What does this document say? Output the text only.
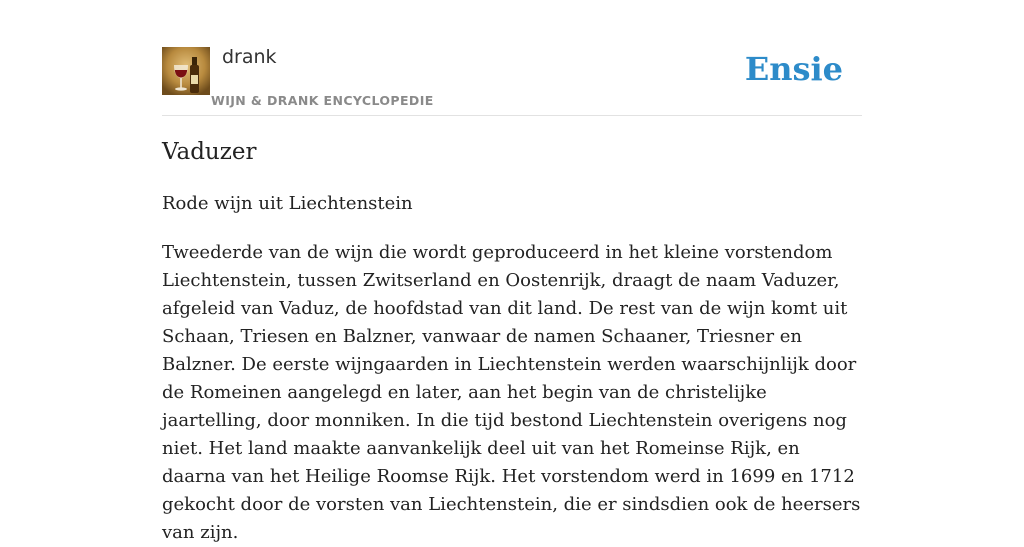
drank
WIJN & DRANK ENCYCLOPEDIE
Ensie
Vaduzer

Rode wijn uit Liechtenstein

Tweederde van de wijn die wordt geproduceerd in het kleine vorstendom Liechtenstein, tussen Zwitserland en Oostenrijk, draagt de naam Vaduzer, afgeleid van Vaduz, de hoofdstad van dit land. De rest van de wijn komt uit Schaan, Triesen en Balzner, vanwaar de namen Schaaner, Triesner en Balzner. De eerste wijngaarden in Liechtenstein werden waarschijnlijk door de Romeinen aangelegd en later, aan het begin van de christelijke jaartelling, door monniken. In die tijd bestond Liechtenstein overigens nog niet. Het land maakte aanvankelijk deel uit van het Romeinse Rijk, en daarna van het Heilige Roomse Rijk. Het vorstendom werd in 1699 en 1712 gekocht door de vorsten van Liechtenstein, die er sindsdien ook de heersers van zijn.
